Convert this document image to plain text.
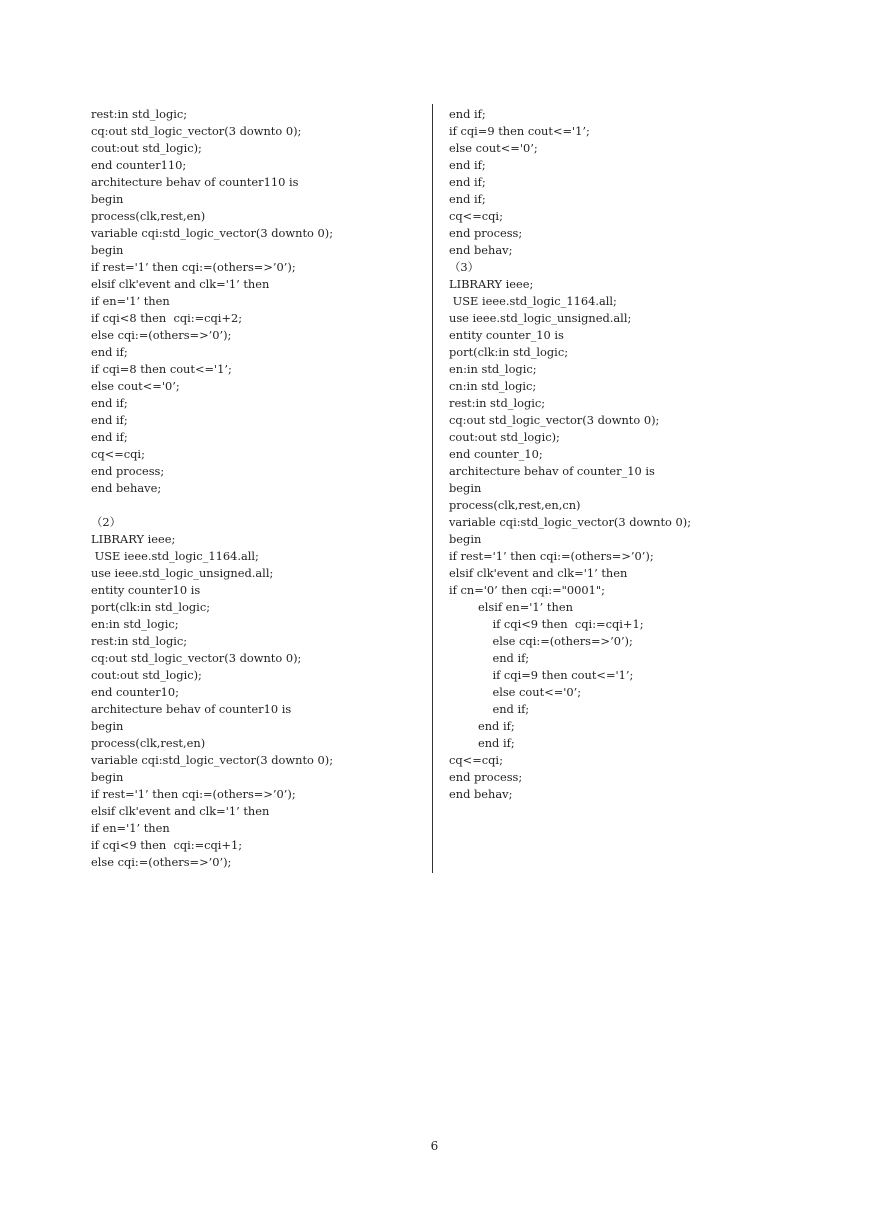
rest:in std_logic;
cq:out std_logic_vector(3 downto 0);
cout:out std_logic);
end counter110;
architecture behav of counter110 is
begin
process(clk,rest,en)
variable cqi:std_logic_vector(3 downto 0);
begin
if rest='1’ then cqi:=(others=>’0’);
elsif clk'event and clk='1’ then
if en='1’ then
if cqi<8 then  cqi:=cqi+2;
else cqi:=(others=>’0’);
end if;
if cqi=8 then cout<='1’;
else cout<='0’;
end if;
end if;
end if;
cq<=cqi;
end process;
end behave;
（2）
LIBRARY ieee;
USE ieee.std_logic_1164.all;
use ieee.std_logic_unsigned.all;
entity counter10 is
port(clk:in std_logic;
en:in std_logic;
rest:in std_logic;
cq:out std_logic_vector(3 downto 0);
cout:out std_logic);
end counter10;
architecture behav of counter10 is
begin
process(clk,rest,en)
variable cqi:std_logic_vector(3 downto 0);
begin
if rest='1’ then cqi:=(others=>’0’);
elsif clk'event and clk='1’ then
if en='1’ then
if cqi<9 then  cqi:=cqi+1;
else cqi:=(others=>’0’);
end if;
if cqi=9 then cout<='1’;
else cout<='0’;
end if;
end if;
end if;
cq<=cqi;
end process;
end behav;
（3）
LIBRARY ieee;
USE ieee.std_logic_1164.all;
use ieee.std_logic_unsigned.all;
entity counter_10 is
port(clk:in std_logic;
en:in std_logic;
cn:in std_logic;
rest:in std_logic;
cq:out std_logic_vector(3 downto 0);
cout:out std_logic);
end counter_10;
architecture behav of counter_10 is
begin
process(clk,rest,en,cn)
variable cqi:std_logic_vector(3 downto 0);
begin
if rest='1’ then cqi:=(others=>’0’);
elsif clk'event and clk='1’ then
if cn='0’ then cqi:="0001";
elsif en='1’ then
if cqi<9 then  cqi:=cqi+1;
else cqi:=(others=>’0’);
end if;
if cqi=9 then cout<='1’;
else cout<='0’;
end if;
end if;
end if;
cq<=cqi;
end process;
end behav;
6
